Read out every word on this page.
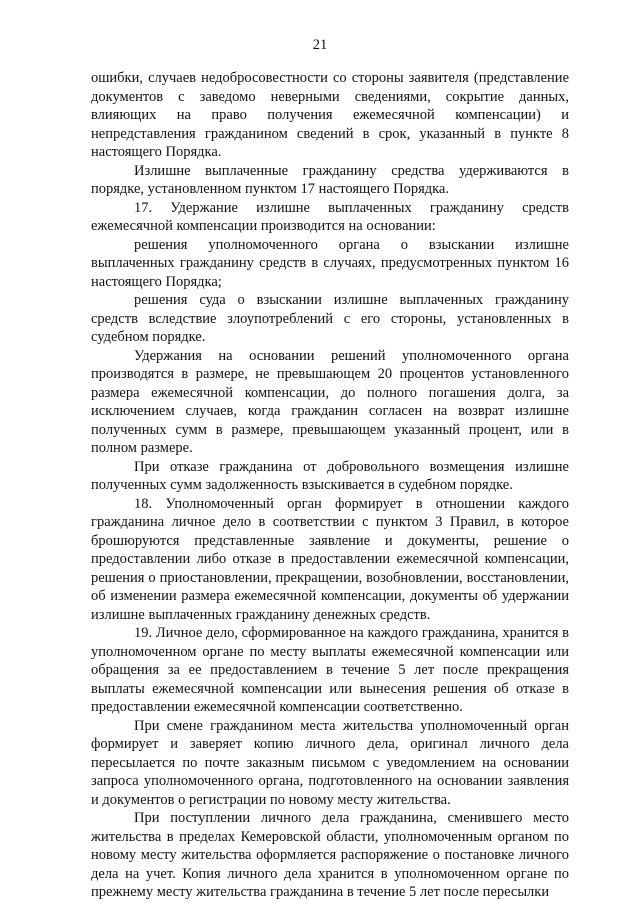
21

ошибки, случаев недобросовестности со стороны заявителя (представление документов с заведомо неверными сведениями, сокрытие данных, влияющих на право получения ежемесячной компенсации) и непредставления гражданином сведений в срок, указанный в пункте 8 настоящего Порядка.

Излишне выплаченные гражданину средства удерживаются в порядке, установленном пунктом 17 настоящего Порядка.

17. Удержание излишне выплаченных гражданину средств ежемесячной компенсации производится на основании:

решения уполномоченного органа о взыскании излишне выплаченных гражданину средств в случаях, предусмотренных пунктом 16 настоящего Порядка;

решения суда о взыскании излишне выплаченных гражданину средств вследствие злоупотреблений с его стороны, установленных в судебном порядке.

Удержания на основании решений уполномоченного органа производятся в размере, не превышающем 20 процентов установленного размера ежемесячной компенсации, до полного погашения долга, за исключением случаев, когда гражданин согласен на возврат излишне полученных сумм в размере, превышающем указанный процент, или в полном размере.

При отказе гражданина от добровольного возмещения излишне полученных сумм задолженность взыскивается в судебном порядке.

18. Уполномоченный орган формирует в отношении каждого гражданина личное дело в соответствии с пунктом 3 Правил, в которое брошюруются представленные заявление и документы, решение о предоставлении либо отказе в предоставлении ежемесячной компенсации, решения о приостановлении, прекращении, возобновлении, восстановлении, об изменении размера ежемесячной компенсации, документы об удержании излишне выплаченных гражданину денежных средств.

19. Личное дело, сформированное на каждого гражданина, хранится в уполномоченном органе по месту выплаты ежемесячной компенсации или обращения за ее предоставлением в течение 5 лет после прекращения выплаты ежемесячной компенсации или вынесения решения об отказе в предоставлении ежемесячной компенсации соответственно.

При смене гражданином места жительства уполномоченный орган формирует и заверяет копию личного дела, оригинал личного дела пересылается по почте заказным письмом с уведомлением на основании запроса уполномоченного органа, подготовленного на основании заявления и документов о регистрации по новому месту жительства.

При поступлении личного дела гражданина, сменившего место жительства в пределах Кемеровской области, уполномоченным органом по новому месту жительства оформляется распоряжение о постановке личного дела на учет. Копия личного дела хранится в уполномоченном органе по прежнему месту жительства гражданина в течение 5 лет после пересылки
